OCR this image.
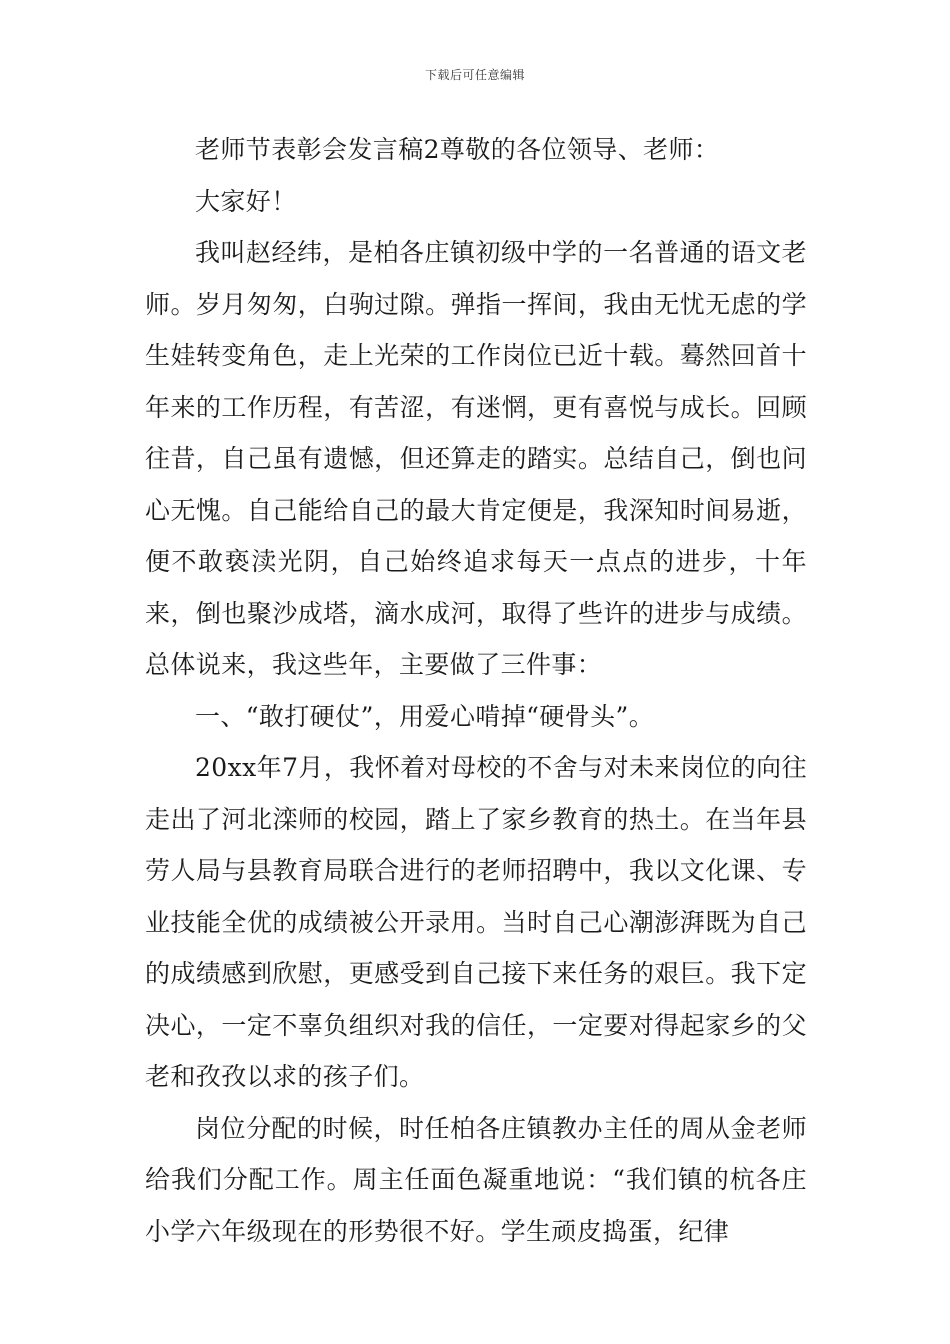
下载后可任意编辑

老师节表彰会发言稿2尊敬的各位领导、老师：

大家好！

我叫赵经纬，是柏各庄镇初级中学的一名普通的语文老师。岁月匆匆，白驹过隙。弹指一挥间，我由无忧无虑的学生娃转变角色，走上光荣的工作岗位已近十载。蓦然回首十年来的工作历程，有苦涩，有迷惘，更有喜悦与成长。回顾往昔，自己虽有遗憾，但还算走的踏实。总结自己，倒也问心无愧。自己能给自己的最大肯定便是，我深知时间易逝，便不敢亵渎光阴，自己始终追求每天一点点的进步，十年来，倒也聚沙成塔，滴水成河，取得了些许的进步与成绩。总体说来，我这些年，主要做了三件事：

一、“敢打硬仗”，用爱心啃掉“硬骨头”。

20xx年7月，我怀着对母校的不舍与对未来岗位的向往走出了河北滦师的校园，踏上了家乡教育的热土。在当年县劳人局与县教育局联合进行的老师招聘中，我以文化课、专业技能全优的成绩被公开录用。当时自己心潮澎湃既为自己的成绩感到欣慰，更感受到自己接下来任务的艰巨。我下定决心，一定不辜负组织对我的信任，一定要对得起家乡的父老和孜孜以求的孩子们。

岗位分配的时候，时任柏各庄镇教办主任的周从金老师给我们分配工作。周主任面色凝重地说：“我们镇的杭各庄小学六年级现在的形势很不好。学生顽皮捣蛋，纪律
